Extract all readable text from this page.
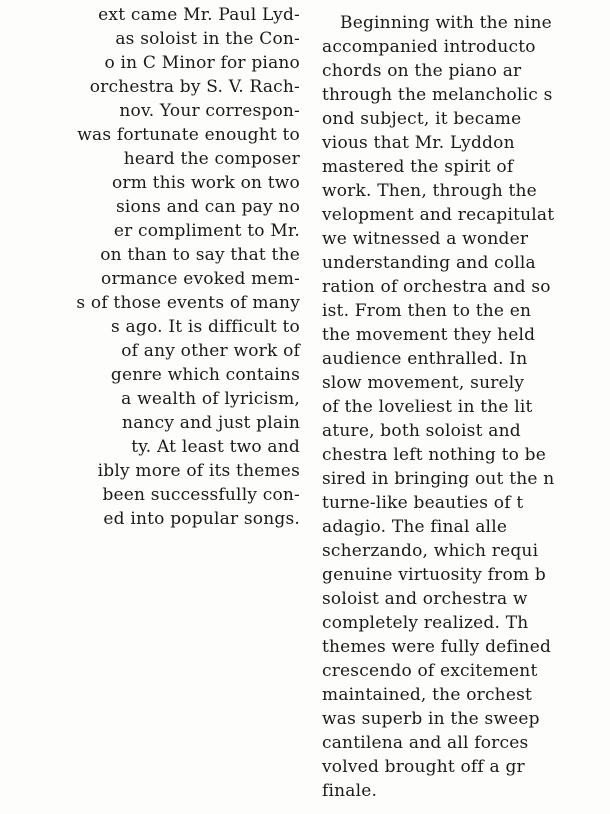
ext came Mr. Paul Lyd-
as soloist in the Con-
o in C Minor for piano
orchestra by S. V. Rach-
nov. Your correspon-
was fortunate enought to
heard the composer
orm this work on two
sions and can pay no
er compliment to Mr.
on than to say that the
ormance evoked mem-
s of those events of many
s ago. It is difficult to
of any other work of
genre which contains
a wealth of lyricism,
nancy and just plain
ty. At least two and
ibly more of its themes
been successfully con-
ed into popular songs.
Beginning with the nine
accompanied introducto
chords on the piano ar
through the melancholic s
ond subject, it became
vious that Mr. Lyddon
mastered the spirit of
work. Then, through the
velopment and recapitulat
we witnessed a wonder
understanding and colla
ration of orchestra and so
ist. From then to the en
the movement they held
audience enthralled. In
slow movement, surely
of the loveliest in the lit
ature, both soloist and
chestra left nothing to be
sired in bringing out the n
turne-like beauties of t
adagio. The final alle
scherzando, which requi
genuine virtuosity from b
soloist and orchestra w
completely realized. Th
themes were fully defined
crescendo of excitement
maintained, the orchest
was superb in the sweep
cantilena and all forces
volved brought off a gr
finale.
